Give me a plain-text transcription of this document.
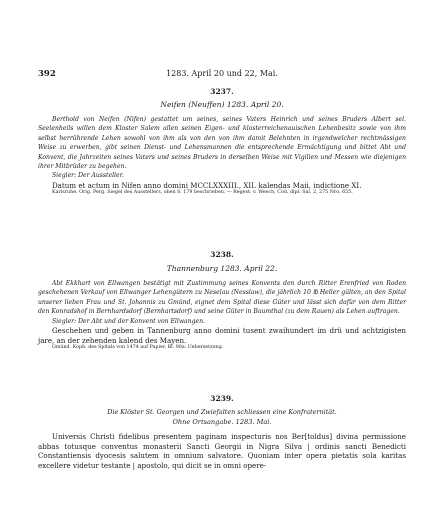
392	1283. April 20 und 22, Mai.
3237.
Neifen (Neuffen) 1283. April 20.

Berthold von Neifen (Nifen) gestattet um seines, seines Vaters Heinrich und seines Bruders Albert sel. Seelenheils willen dem Kloster Salem allen seinen Eigen- und klosterreichenauischen Lehenbesitz sowie von ihm selbst herrührende Lehen sowohl von ihm als von den von ihm damit Belehnten in irgendwelcher rechtmässigen Weise zu erwerben, gibt seinen Dienst- und Lehensmannen die entsprechende Ermächtigung und bittet Abt und Konvent, die Jahrzeiten seines Vaters und seines Bruders in derselben Weise mit Vigilien und Messen wie diejenigen ihrer Mitbrüder zu begehen.

Siegler: Der Aussteller.

Datum et actum in Nifen anno domini MCCLXXXIII., XII. kalendas Maii, indictione XI.

Karlsruhe. Orig. Perg. Siegel des Ausstellers, oben S. 179 beschrieben. — Regest: v. Weech, Cod. dipl. Sal. 2, 275 Nro. 655.

3238.
Thannenburg 1283. April 22.

Abt Ekkhart von Ellwangen bestätigt mit Zustimmung seines Konvents den durch Ritter Erenfried von Roden geschehenen Verkauf von Ellwanger Lehengütern zu Neselau (Nesslaw), die jährlich 10 ℔ Heller gülten, an den Spital unserer lieben Frau und St. Johannis zu Gmünd, eignet dem Spital diese Güter und lässt sich dafür von dem Ritter den Konradshof in Bernhardsdorf (Bernhartsdorf) und seine Güter in Baumthal (zu dem Rauen) als Lehen auftragen.

Siegler: Der Abt und der Konvent von Ellwangen.

Geschehen und geben in Tannenburg anno domini tusent zwaihundert im drü und achtzigisten jare, an der zehenden kalend des Mayen.

Gmünd. Kopb. des Spitals von 1474 auf Papier, Bl. 90a. Uebersetzung.

3239.
Die Klöster St. Georgen und Zwiefalten schliessen eine Konfraternität.
Ohne Ortsangabe. 1283. Mai.

Universis Christi fidelibus presentem paginam inspecturis nos Ber[toldus] divina permissione abbas totusque conventus monasterii Sancti Georgii in Nigra Silva | ordinis sancti Benedicti Constantiensis dyocesis salutem in omnium salvatore. Quoniam inter opera pietatis sola karitas excellere videtur testante | apostolo, qui dicit se in omni opere-
